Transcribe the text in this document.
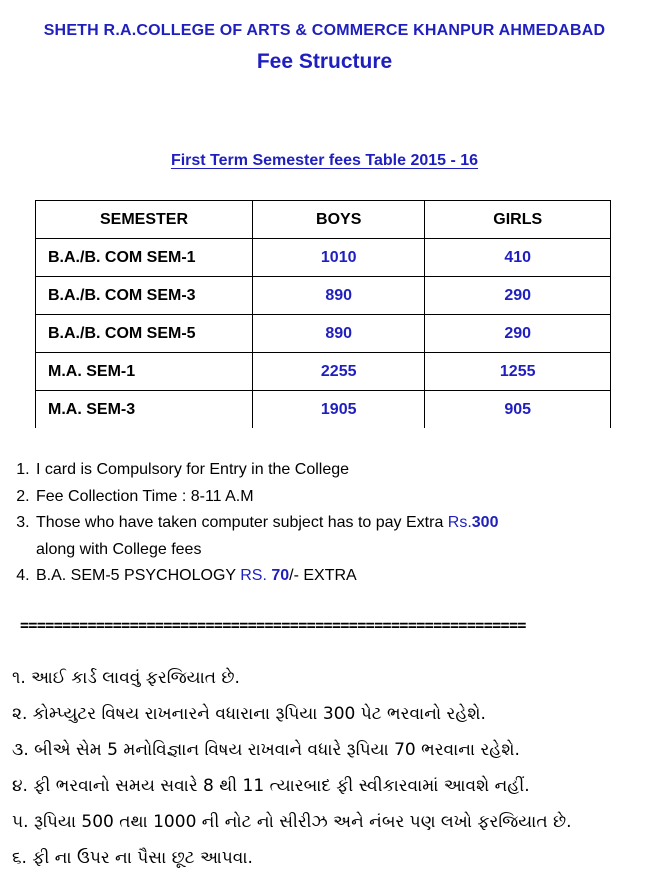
SHETH R.A.COLLEGE OF ARTS & COMMERCE KHANPUR AHMEDABAD
Fee Structure
First Term Semester fees Table 2015 - 16
SEMESTER	BOYS	GIRLS
B.A./B. COM SEM-1	1010	410
B.A./B. COM SEM-3	890	290
B.A./B. COM SEM-5	890	290
M.A. SEM-1	2255	1255
M.A. SEM-3	1905	905
1. I card is Compulsory for Entry in the College
2. Fee Collection Time : 8-11 A.M
3. Those who have taken computer subject has to pay Extra Rs.300
along with College fees
4. B.A. SEM-5 PSYCHOLOGY RS. 70/- EXTRA
============================================================
૧. આઈ કાર્ડ લાવવું ફરજિયાત છે.
૨. કોમ્પ્યુટર વિષય રાખનારને વધારાના રૂપિયા 300 પેટ ભરવાનો રહેશે.
૩. બીએ સેમ 5 મનોવિજ્ઞાન વિષય રાખવાને વધારે રૂપિયા 70 ભરવાના રહેશે.
૪. ફી ભરવાનો સમય સવારે 8 થી 11 ત્યારબાદ ફી સ્વીકારવામાં આવશે નહીં.
૫. રૂપિયા 500 તથા 1000 ની નોટ નો સીરીઝ અને નંબર પણ લખો ફરજિયાત છે.
૬. ફી ના ઉપર ના પૈસા છૂટ આપવા.
